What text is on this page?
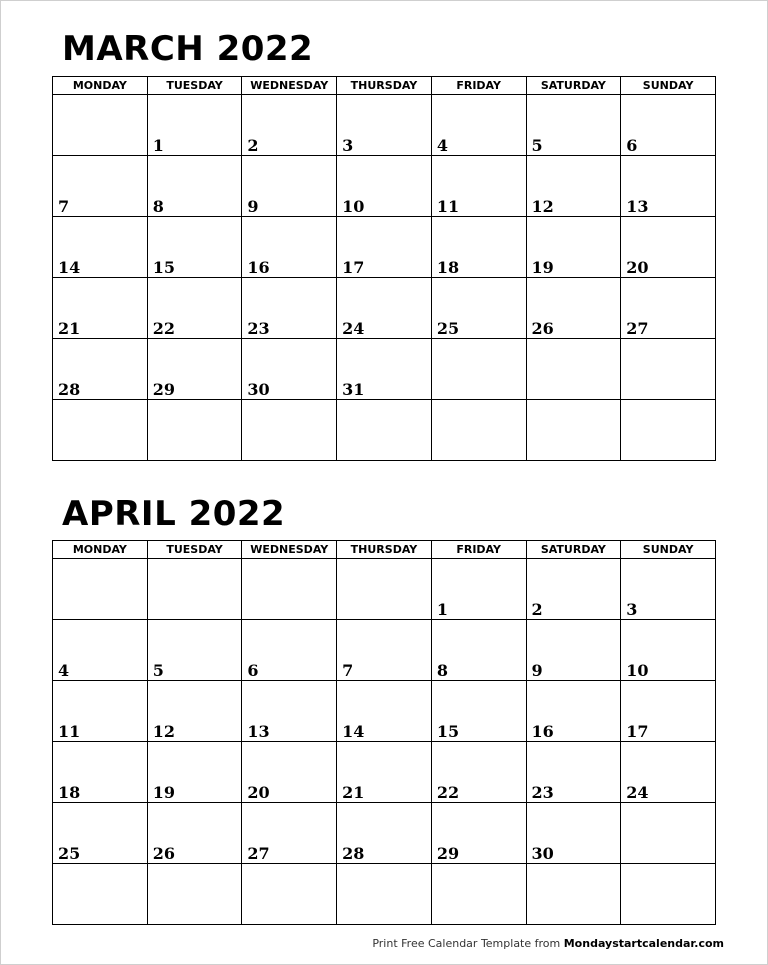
MARCH 2022
MONDAY	TUESDAY	WEDNESDAY	THURSDAY	FRIDAY	SATURDAY	SUNDAY

	1	2	3	4	5	6

7	8	9	10	11	12	13

14	15	16	17	18	19	20

21	22	23	24	25	26	27

28	29	30	31			

APRIL 2022
MONDAY	TUESDAY	WEDNESDAY	THURSDAY	FRIDAY	SATURDAY	SUNDAY

				1	2	3

4	5	6	7	8	9	10

11	12	13	14	15	16	17

18	19	20	21	22	23	24

25	26	27	28	29	30	

Print Free Calendar Template from Mondaystartcalendar.com
